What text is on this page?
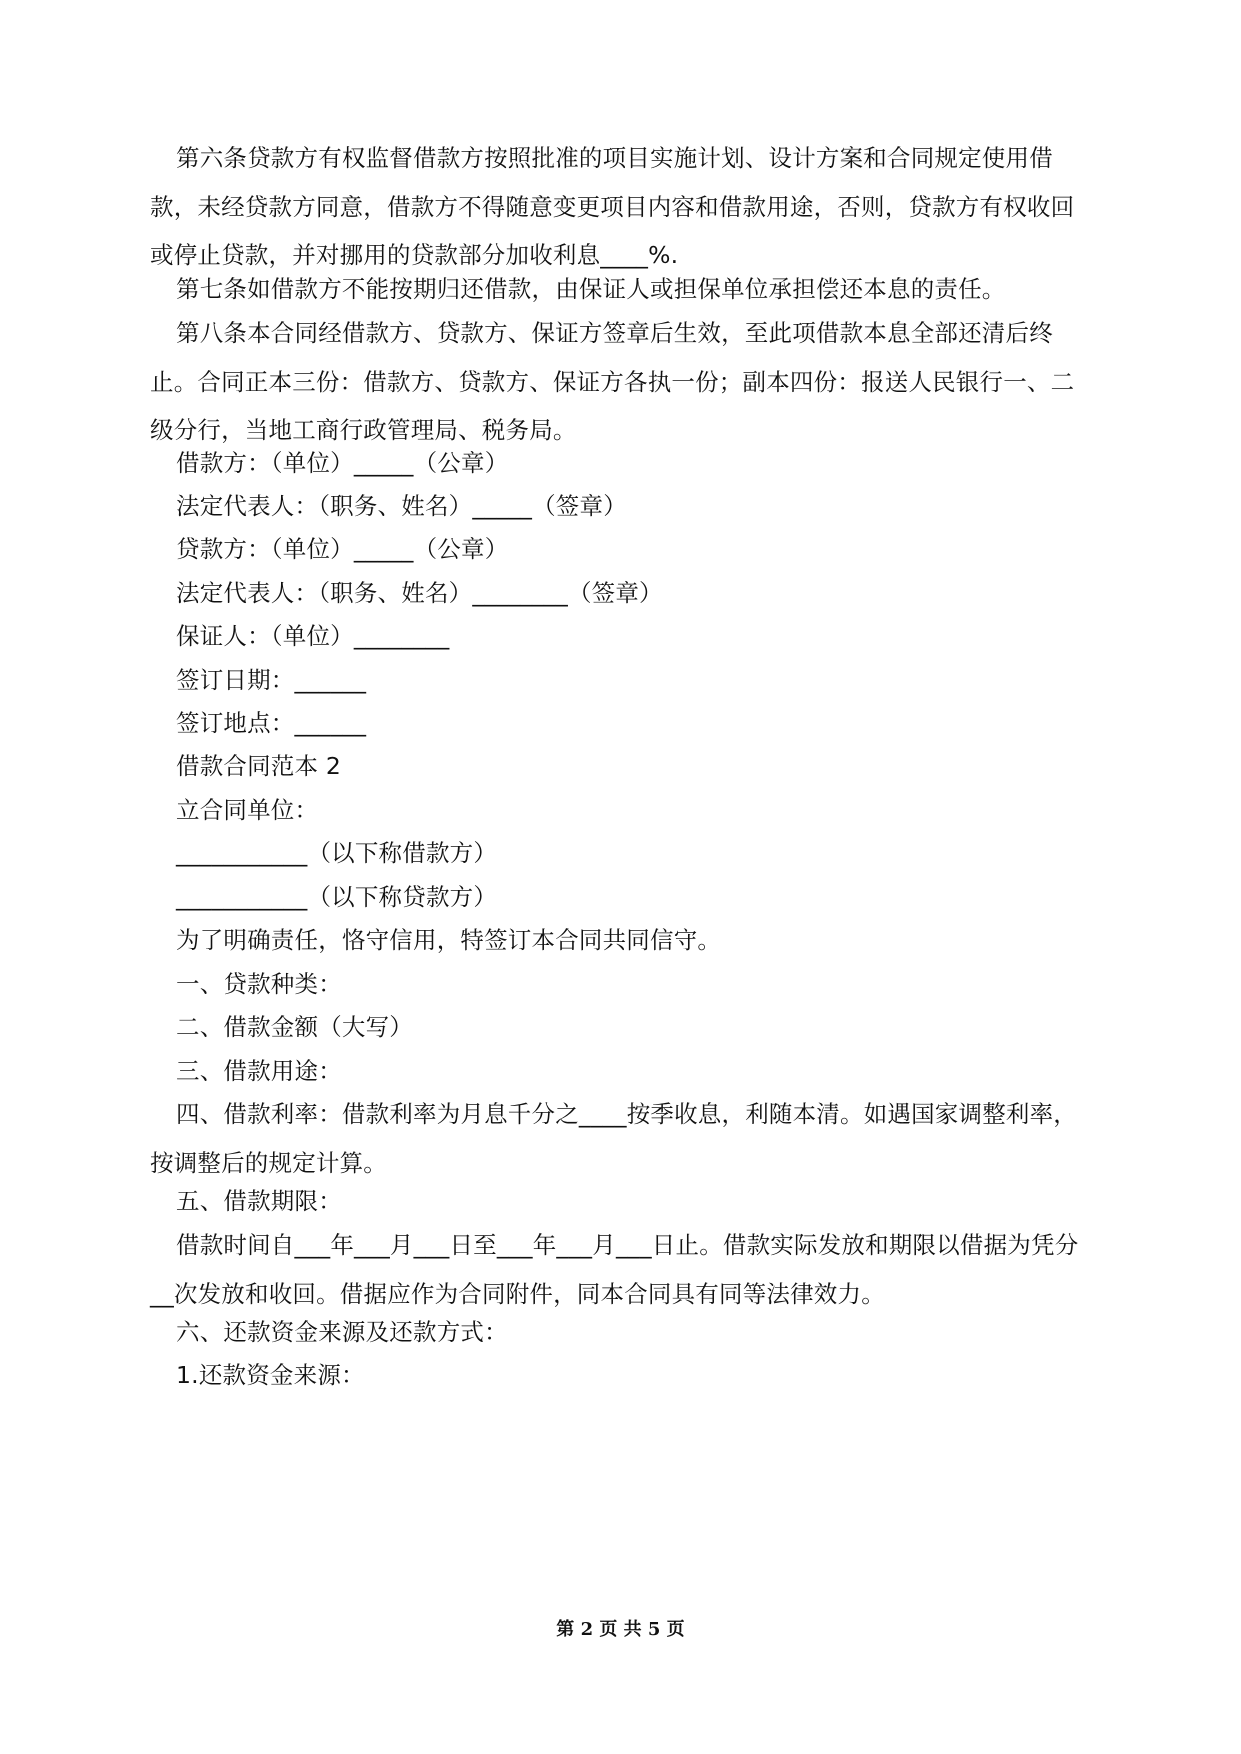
第六条贷款方有权监督借款方按照批准的项目实施计划、设计方案和合同规定使用借款，未经贷款方同意，借款方不得随意变更项目内容和借款用途，否则，贷款方有权收回或停止贷款，并对挪用的贷款部分加收利息____%.
第七条如借款方不能按期归还借款，由保证人或担保单位承担偿还本息的责任。
第八条本合同经借款方、贷款方、保证方签章后生效，至此项借款本息全部还清后终止。合同正本三份：借款方、贷款方、保证方各执一份；副本四份：报送人民银行一、二级分行，当地工商行政管理局、税务局。
借款方：（单位）_____（公章）
法定代表人：（职务、姓名）_____（签章）
贷款方：（单位）_____（公章）
法定代表人：（职务、姓名）________（签章）
保证人：（单位）________
签订日期：______
签订地点：______
借款合同范本 2
立合同单位：
___________（以下称借款方）
___________（以下称贷款方）
为了明确责任，恪守信用，特签订本合同共同信守。
一、贷款种类：
二、借款金额（大写）
三、借款用途：
四、借款利率：借款利率为月息千分之____按季收息，利随本清。如遇国家调整利率，按调整后的规定计算。
五、借款期限：
借款时间自___年___月___日至___年___月___日止。借款实际发放和期限以借据为凭分__次发放和收回。借据应作为合同附件，同本合同具有同等法律效力。
六、还款资金来源及还款方式：
1.还款资金来源：
第 2 页 共 5 页
